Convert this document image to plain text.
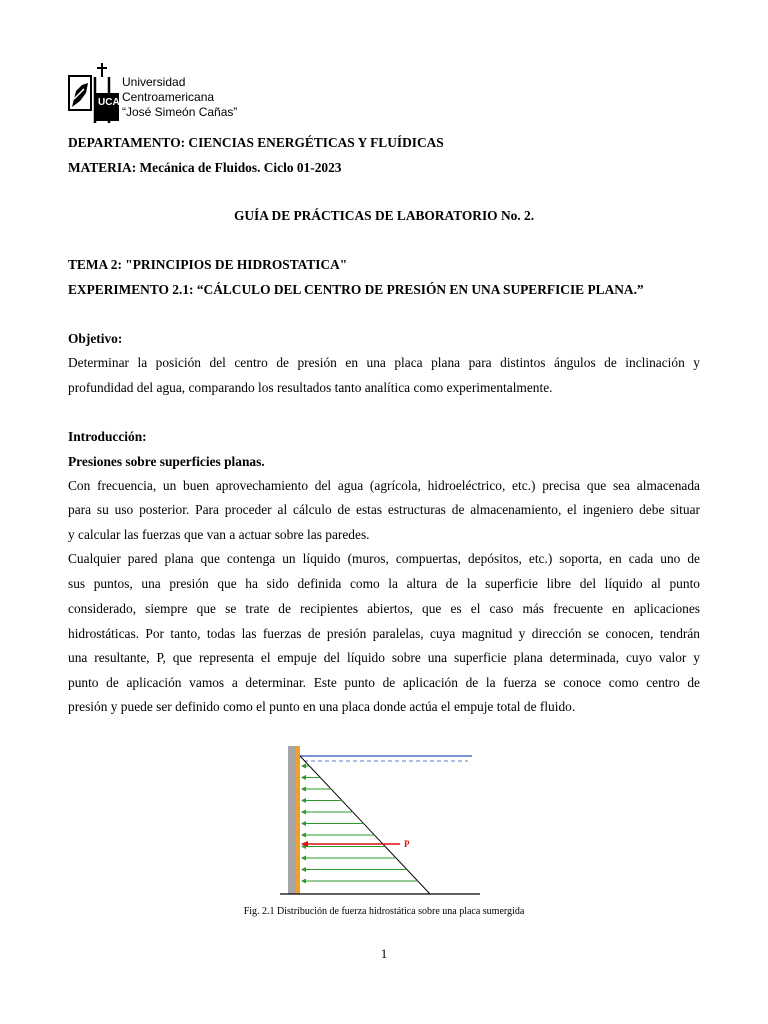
UCA
Universidad
Centroamericana
“José Simeón Cañas”
DEPARTAMENTO: CIENCIAS ENERGÉTICAS Y FLUÍDICAS
MATERIA: Mecánica de Fluidos. Ciclo 01-2023
GUÍA DE PRÁCTICAS DE LABORATORIO No. 2.
TEMA 2: "PRINCIPIOS DE HIDROSTATICA"
EXPERIMENTO 2.1: “CÁLCULO DEL CENTRO DE PRESIÓN EN UNA SUPERFICIE PLANA.”
Objetivo:
Determinar la posición del centro de presión en una placa plana para distintos ángulos de inclinación y
profundidad del agua, comparando los resultados tanto analítica como experimentalmente.
Introducción:
Presiones sobre superficies planas.
Con frecuencia, un buen aprovechamiento del agua (agrícola, hidroeléctrico, etc.) precisa que sea almacenada
para su uso posterior. Para proceder al cálculo de estas estructuras de almacenamiento, el ingeniero debe situar
y calcular las fuerzas que van a actuar sobre las paredes.
Cualquier pared plana que contenga un líquido (muros, compuertas, depósitos, etc.) soporta, en cada uno de
sus puntos, una presión que ha sido definida como la altura de la superficie libre del líquido al punto
considerado, siempre que se trate de recipientes abiertos, que es el caso más frecuente en aplicaciones
hidrostáticas. Por tanto, todas las fuerzas de presión paralelas, cuya magnitud y dirección se conocen, tendrán
una resultante, P, que representa el empuje del líquido sobre una superficie plana determinada, cuyo valor y
punto de aplicación vamos a determinar. Este punto de aplicación de la fuerza se conoce como centro de
presión y puede ser definido como el punto en una placa donde actúa el empuje total de fluido.
P
Fig. 2.1 Distribución de fuerza hidrostática sobre una placa sumergida
1
